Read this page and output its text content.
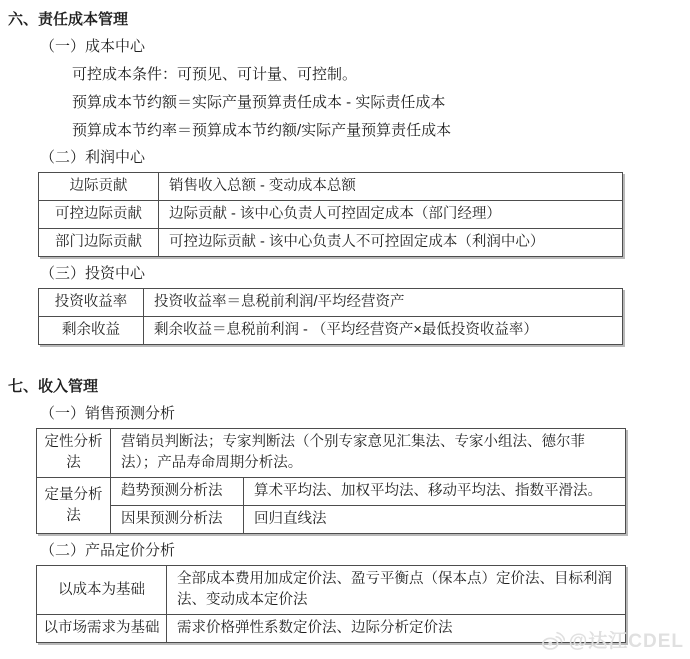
六、责任成本管理
（一）成本中心
可控成本条件：可预见、可计量、可控制。
预算成本节约额＝实际产量预算责任成本 - 实际责任成本
预算成本节约率＝预算成本节约额/实际产量预算责任成本
（二）利润中心
边际贡献	销售收入总额 - 变动成本总额
可控边际贡献	边际贡献 - 该中心负责人可控固定成本（部门经理）
部门边际贡献	可控边际贡献 - 该中心负责人不可控固定成本（利润中心）
（三）投资中心
投资收益率	投资收益率＝息税前利润/平均经营资产
剩余收益	剩余收益＝息税前利润 - （平均经营资产×最低投资收益率）
七、收入管理
（一）销售预测分析
定性分析法	营销员判断法；专家判断法（个别专家意见汇集法、专家小组法、德尔菲法）；产品寿命周期分析法。	
定量分析法	趋势预测分析法	算术平均法、加权平均法、移动平均法、指数平滑法。
	因果预测分析法	回归直线法
（二）产品定价分析
以成本为基础	全部成本费用加成定价法、盈亏平衡点（保本点）定价法、目标利润法、变动成本定价法
以市场需求为基础	需求价格弹性系数定价法、边际分析定价法
@达江CDEL
